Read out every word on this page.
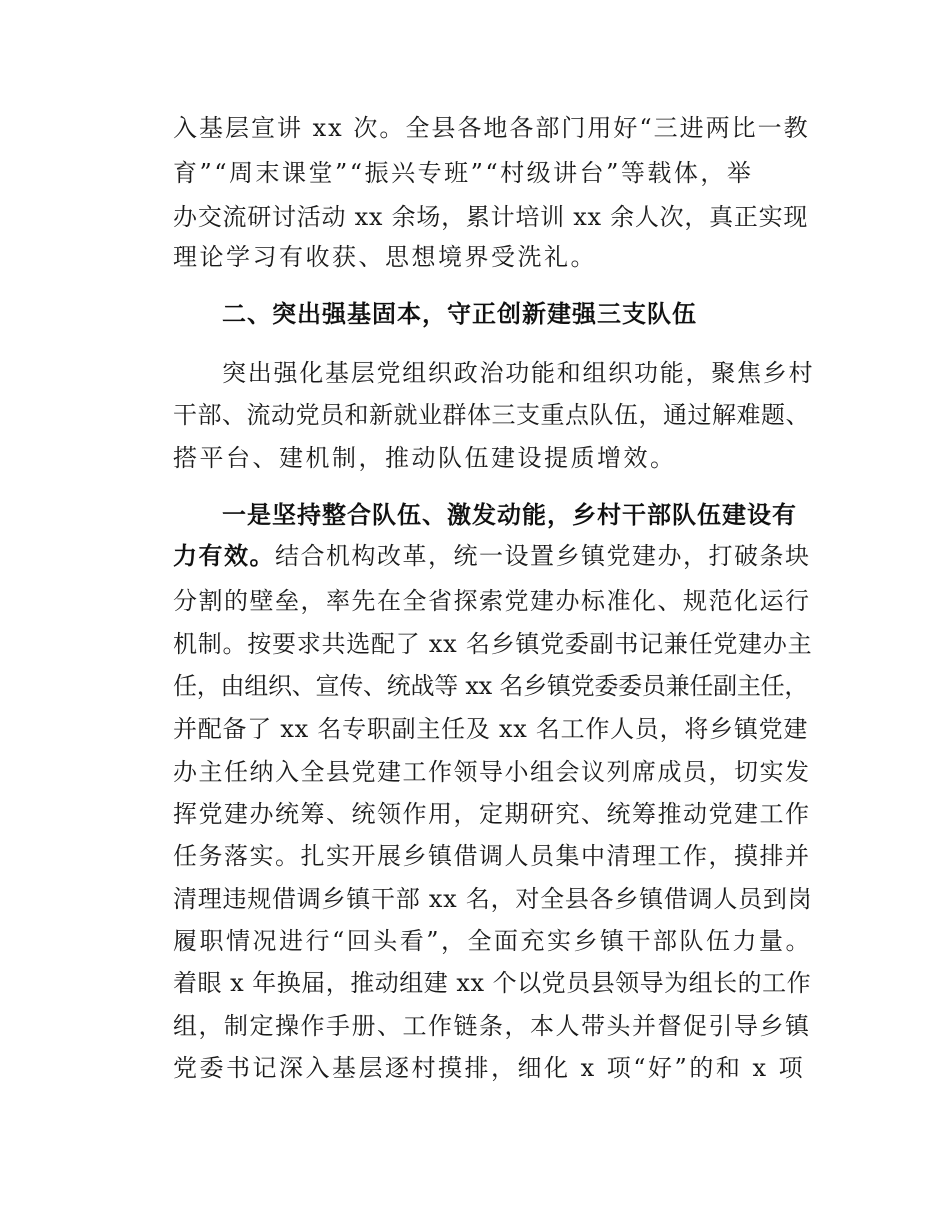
入基层宣讲 xx 次。全县各地各部门用好“三进两比一教
育”“周末课堂”“振兴专班”“村级讲台”等载体，举
办交流研讨活动 xx 余场，累计培训 xx 余人次，真正实现
理论学习有收获、思想境界受洗礼。
二、突出强基固本，守正创新建强三支队伍
突出强化基层党组织政治功能和组织功能，聚焦乡村
干部、流动党员和新就业群体三支重点队伍，通过解难题、
搭平台、建机制，推动队伍建设提质增效。
一是坚持整合队伍、激发动能，乡村干部队伍建设有
力有效。结合机构改革，统一设置乡镇党建办，打破条块
分割的壁垒，率先在全省探索党建办标准化、规范化运行
机制。按要求共选配了 xx 名乡镇党委副书记兼任党建办主
任，由组织、宣传、统战等 xx 名乡镇党委委员兼任副主任，
并配备了 xx 名专职副主任及 xx 名工作人员，将乡镇党建
办主任纳入全县党建工作领导小组会议列席成员，切实发
挥党建办统筹、统领作用，定期研究、统筹推动党建工作
任务落实。扎实开展乡镇借调人员集中清理工作，摸排并
清理违规借调乡镇干部 xx 名，对全县各乡镇借调人员到岗
履职情况进行“回头看”，全面充实乡镇干部队伍力量。
着眼 x 年换届，推动组建 xx 个以党员县领导为组长的工作
组，制定操作手册、工作链条，本人带头并督促引导乡镇
党委书记深入基层逐村摸排，细化 x 项“好”的和 x 项
